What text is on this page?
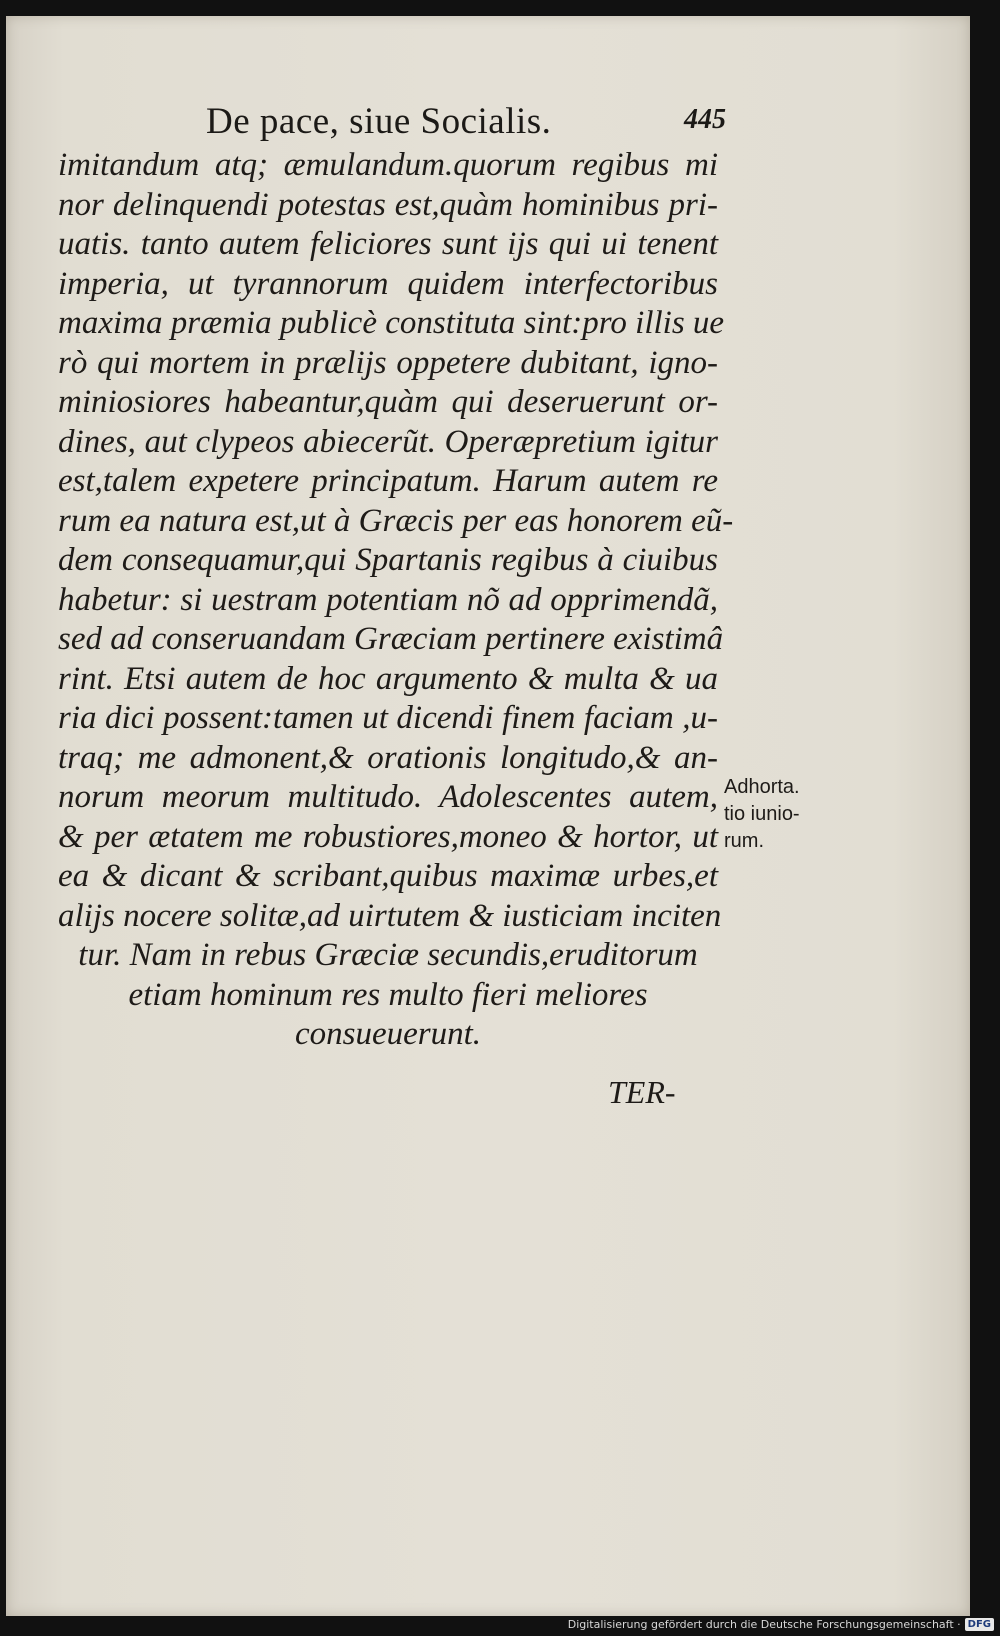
De pace, siue Socialis.	445
imitandum atq; æmulandum.quorum regibus mi
nor delinquendi potestas est,quàm hominibus pri-
uatis. tanto autem feliciores sunt ijs qui ui tenent
imperia, ut tyrannorum quidem interfectoribus
maxima præmia publicè constituta sint:pro illis ue
rò qui mortem in prælijs oppetere dubitant, igno-
miniosiores habeantur,quàm qui deseruerunt or-
dines, aut clypeos abiecerũt. Operæpretium igitur
est,talem expetere principatum. Harum autem re
rum ea natura est,ut à Græcis per eas honorem eũ-
dem consequamur,qui Spartanis regibus à ciuibus
habetur: si uestram potentiam nõ ad opprimendã,
sed ad conseruandam Græciam pertinere existimâ
rint. Etsi autem de hoc argumento & multa & ua
ria dici possent:tamen ut dicendi finem faciam ,u-
traq; me admonent,& orationis longitudo,& an-
norum meorum multitudo. Adolescentes autem,
& per ætatem me robustiores,moneo & hortor, ut
ea & dicant & scribant,quibus maximæ urbes,et
alijs nocere solitæ,ad uirtutem & iusticiam inciten
tur. Nam in rebus Græciæ secundis,eruditorum
etiam hominum res multo fieri meliores
consueuerunt.
Adhorta.
tio iunio-
rum.
TER-
Digitalisierung gefördert durch die Deutsche Forschungsgemeinschaft · DFG
